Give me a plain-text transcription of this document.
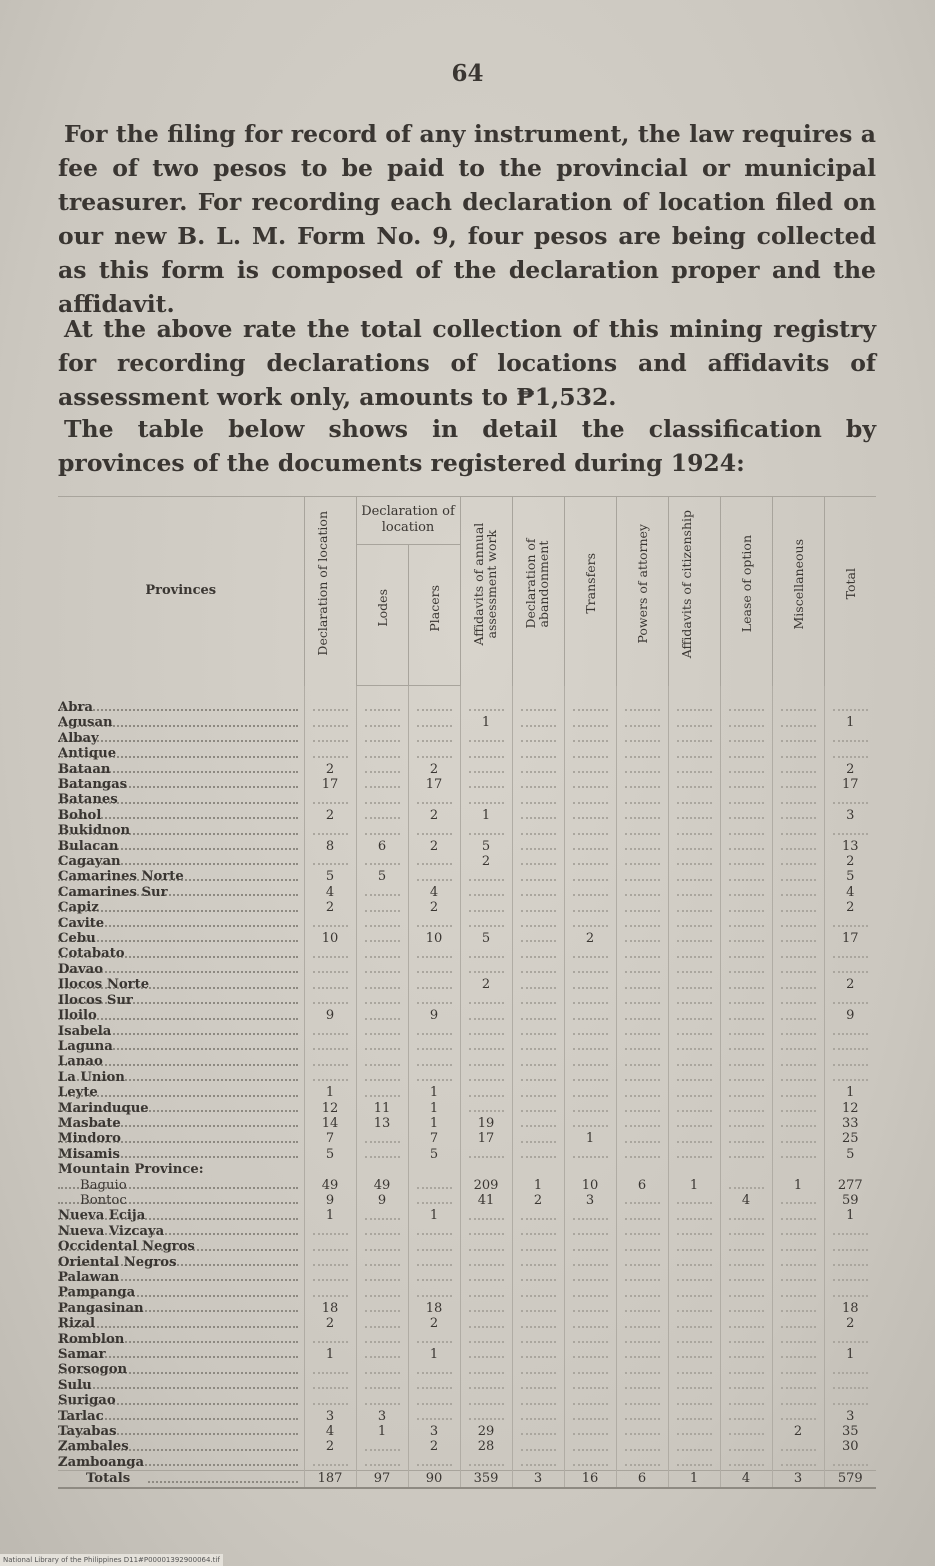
64

For the filing for record of any instrument, the law requires a fee of two pesos to be paid to the provincial or municipal treasurer. For recording each declaration of location filed on our new B. L. M. Form No. 9, four pesos are being collected as this form is composed of the declaration proper and the affidavit.

At the above rate the total collection of this mining registry for recording declarations of locations and affidavits of assessment work only, amounts to ₱1,532.

The table below shows in detail the classification by provinces of the documents registered during 1924:

Provinces	Declaration of location	Declaration of location		Affidavits of annual assessment work	Declaration of abandonment	Transfers	Powers of attorney	Affidavits of citizenship	Lease of option	Miscellaneous	Total
		Lodes	Placers								
Abra											
Agusan				1							1
Albay											
Antique											
Bataan	2		2								2
Batangas	17		17								17
Batanes											
Bohol	2		2	1							3
Bukidnon											
Bulacan	8	6	2	5							13
Cagayan				2							2
Camarines Norte	5	5									5
Camarines Sur	4		4								4
Capiz	2		2								2
Cavite											
Cebu	10		10	5		2					17
Cotabato											
Davao											
Ilocos Norte				2							2
Ilocos Sur											
Iloilo	9		9								9
Isabela											
Laguna											
Lanao											
La Union											
Leyte	1		1								1
Marinduque	12	11	1								12
Masbate	14	13	1	19							33
Mindoro	7		7	17		1					25
Misamis	5		5								5
Mountain Province:											
Baguio	49	49		209	1	10	6	1		1	277
Bontoc	9	9		41	2	3			4		59
Nueva Ecija	1		1								1
Nueva Vizcaya											
Occidental Negros											
Oriental Negros											
Palawan											
Pampanga											
Pangasinan	18		18								18
Rizal	2		2								2
Romblon											
Samar	1		1								1
Sorsogon											
Sulu											
Surigao											
Tarlac	3	3									3
Tayabas	4	1	3	29						2	35
Zambales	2		2	28							30
Zamboanga											
Totals	187	97	90	359	3	16	6	1	4	3	579
National Library of the Philippines D11#P00001392900064.tif
